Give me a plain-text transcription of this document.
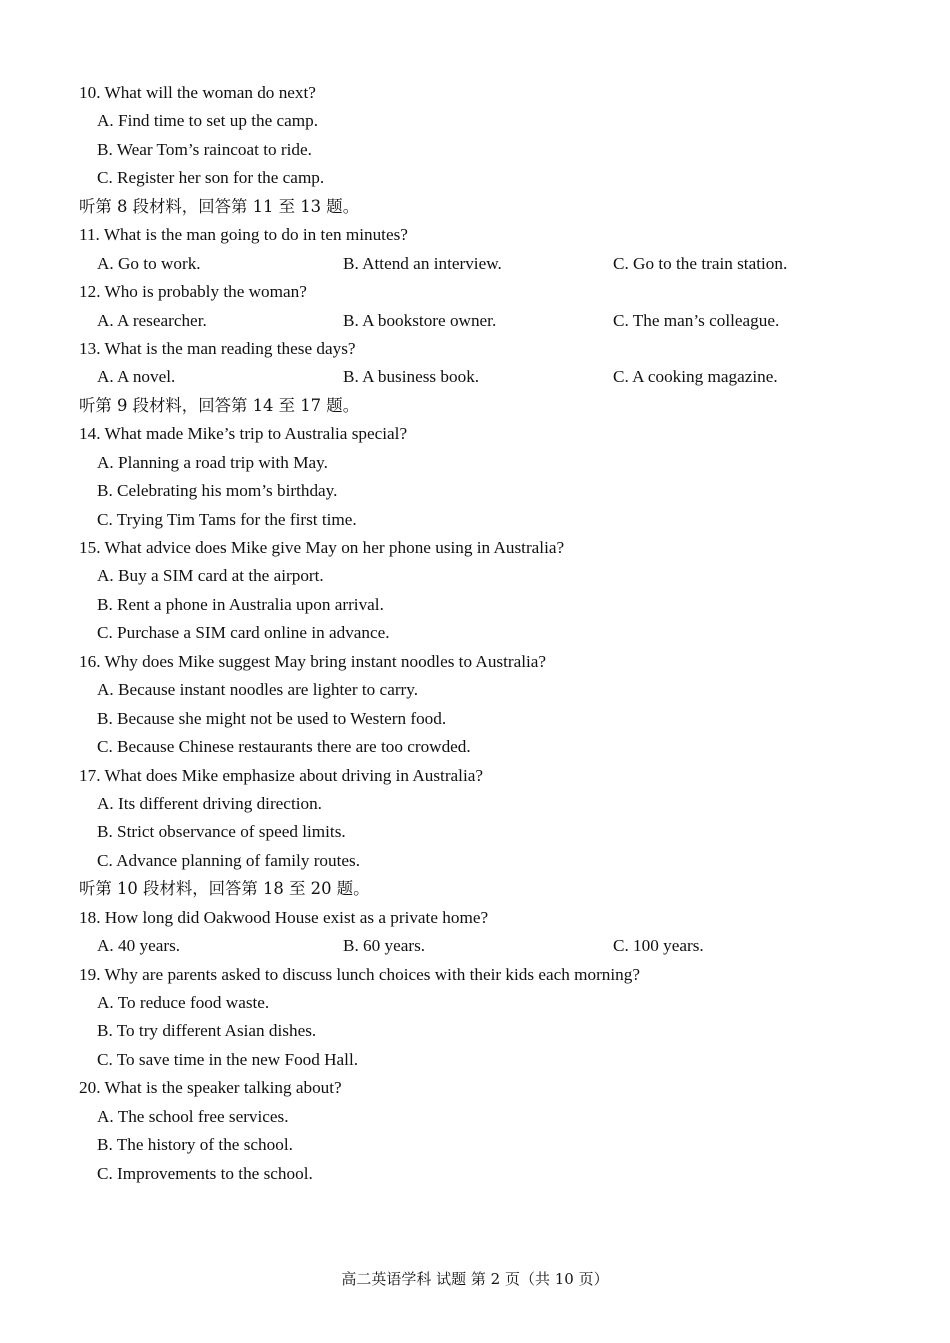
10. What will the woman do next?
A. Find time to set up the camp.
B. Wear Tom’s raincoat to ride.
C. Register her son for the camp.
听第 8 段材料，回答第 11 至 13 题。
11. What is the man going to do in ten minutes?
A. Go to work.	B. Attend an interview.	C. Go to the train station.
12. Who is probably the woman?
A. A researcher.	B. A bookstore owner.	C. The man’s colleague.
13. What is the man reading these days?
A. A novel.	B. A business book.	C. A cooking magazine.
听第 9 段材料，回答第 14 至 17 题。
14. What made Mike’s trip to Australia special?
A. Planning a road trip with May.
B. Celebrating his mom’s birthday.
C. Trying Tim Tams for the first time.
15. What advice does Mike give May on her phone using in Australia?
A. Buy a SIM card at the airport.
B. Rent a phone in Australia upon arrival.
C. Purchase a SIM card online in advance.
16. Why does Mike suggest May bring instant noodles to Australia?
A. Because instant noodles are lighter to carry.
B. Because she might not be used to Western food.
C. Because Chinese restaurants there are too crowded.
17. What does Mike emphasize about driving in Australia?
A. Its different driving direction.
B. Strict observance of speed limits.
C. Advance planning of family routes.
听第 10 段材料，回答第 18 至 20 题。
18. How long did Oakwood House exist as a private home?
A. 40 years.	B. 60 years.	C. 100 years.
19. Why are parents asked to discuss lunch choices with their kids each morning?
A. To reduce food waste.
B. To try different Asian dishes.
C. To save time in the new Food Hall.
20. What is the speaker talking about?
A. The school free services.
B. The history of the school.
C. Improvements to the school.
高二英语学科 试题 第 2 页（共 10 页）
